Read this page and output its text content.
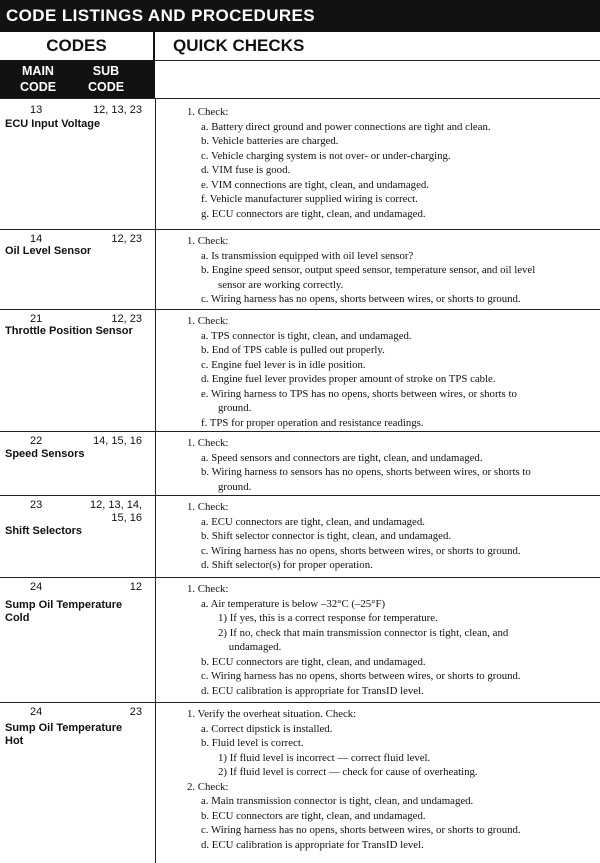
CODE LISTINGS AND PROCEDURES
CODES	QUICK CHECKS
MAIN
CODE
SUB
CODE
13	12, 13, 23
ECU Input Voltage
1. Check:
a. Battery direct ground and power connections are tight and clean.
b. Vehicle batteries are charged.
c. Vehicle charging system is not over- or under-charging.
d. VIM fuse is good.
e. VIM connections are tight, clean, and undamaged.
f. Vehicle manufacturer supplied wiring is correct.
g. ECU connectors are tight, clean, and undamaged.
14	12, 23
Oil Level Sensor
1. Check:
a. Is transmission equipped with oil level sensor?
b. Engine speed sensor, output speed sensor, temperature sensor, and oil level
sensor are working correctly.
c. Wiring harness has no opens, shorts between wires, or shorts to ground.
21	12, 23
Throttle Position Sensor
1. Check:
a. TPS connector is tight, clean, and undamaged.
b. End of TPS cable is pulled out properly.
c. Engine fuel lever is in idle position.
d. Engine fuel lever provides proper amount of stroke on TPS cable.
e. Wiring harness to TPS has no opens, shorts between wires, or shorts to
ground.
f. TPS for proper operation and resistance readings.
22	14, 15, 16
Speed Sensors
1. Check:
a. Speed sensors and connectors are tight, clean, and undamaged.
b. Wiring harness to sensors has no opens, shorts between wires, or shorts to
ground.
23	12, 13, 14,
15, 16
Shift Selectors
1. Check:
a. ECU connectors are tight, clean, and undamaged.
b. Shift selector connector is tight, clean, and undamaged.
c. Wiring harness has no opens, shorts between wires, or shorts to ground.
d. Shift selector(s) for proper operation.
24	12
Sump Oil Temperature
Cold
1. Check:
a. Air temperature is below –32°C (–25°F)
1) If yes, this is a correct response for temperature.
2) If no, check that main transmission connector is tight, clean, and
undamaged.
b. ECU connectors are tight, clean, and undamaged.
c. Wiring harness has no opens, shorts between wires, or shorts to ground.
d. ECU calibration is appropriate for TransID level.
24	23
Sump Oil Temperature
Hot
1. Verify the overheat situation. Check:
a. Correct dipstick is installed.
b. Fluid level is correct.
1) If fluid level is incorrect — correct fluid level.
2) If fluid level is correct — check for cause of overheating.
2. Check:
a. Main transmission connector is tight, clean, and undamaged.
b. ECU connectors are tight, clean, and undamaged.
c. Wiring harness has no opens, shorts between wires, or shorts to ground.
d. ECU calibration is appropriate for TransID level.
